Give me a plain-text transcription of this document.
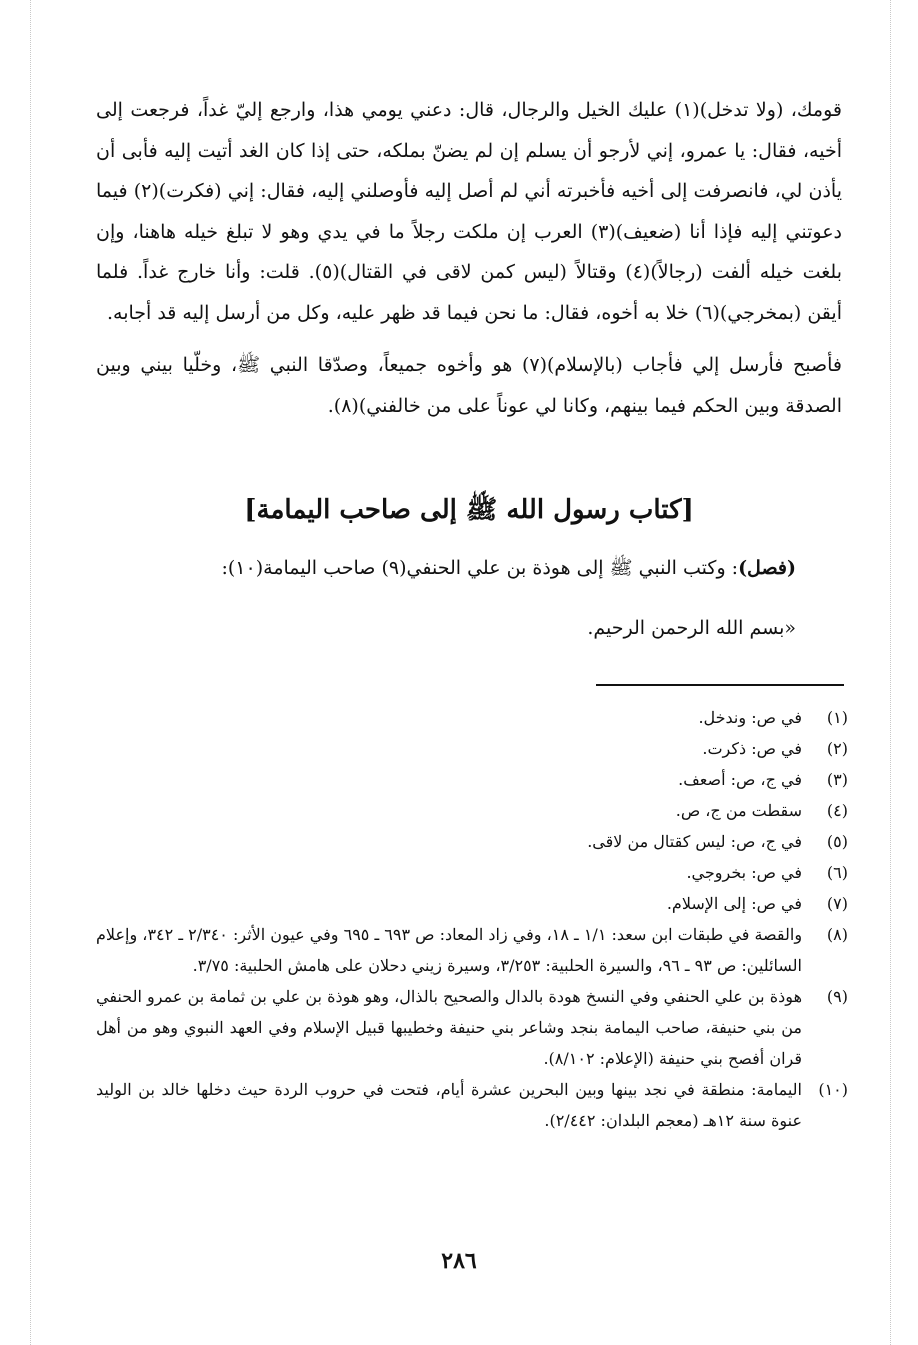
قومك، (ولا تدخل)(١) عليك الخيل والرجال، قال: دعني يومي هذا، وارجع إليّ غداً، فرجعت إلى أخيه، فقال: يا عمرو، إني لأرجو أن يسلم إن لم يضنّ بملكه، حتى إذا كان الغد أتيت إليه فأبى أن يأذن لي، فانصرفت إلى أخيه فأخبرته أني لم أصل إليه فأوصلني إليه، فقال: إني (فكرت)(٢) فيما دعوتني إليه فإذا أنا (ضعيف)(٣) العرب إن ملكت رجلاً ما في يدي وهو لا تبلغ خيله هاهنا، وإن بلغت خيله ألفت (رجالاً)(٤) وقتالاً (ليس كمن لاقى في القتال)(٥). قلت: وأنا خارج غداً. فلما أيقن (بمخرجي)(٦) خلا به أخوه، فقال: ما نحن فيما قد ظهر عليه، وكل من أرسل إليه قد أجابه.

فأصبح فأرسل إلي فأجاب (بالإسلام)(٧) هو وأخوه جميعاً، وصدّقا النبي ﷺ، وخلّيا بيني وبين الصدقة وبين الحكم فيما بينهم، وكانا لي عوناً على من خالفني)(٨).

[كتاب رسول الله ﷺ إلى صاحب اليمامة]
(فصل): وكتب النبي ﷺ إلى هوذة بن علي الحنفي(٩) صاحب اليمامة(١٠):
«بسم الله الرحمن الرحيم.
(١)
في ص: وندخل.
(٢)
في ص: ذكرت.
(٣)
في ج، ص: أصعف.
(٤)
سقطت من ج، ص.
(٥)
في ج، ص: ليس كقتال من لاقى.
(٦)
في ص: بخروجي.
(٧)
في ص: إلى الإسلام.
(٨)
والقصة في طبقات ابن سعد: ١/١ ـ ١٨، وفي زاد المعاد: ص ٦٩٣ ـ ٦٩٥ وفي عيون الأثر: ٢/٣٤٠ ـ ٣٤٢، وإعلام السائلين: ص ٩٣ ـ ٩٦، والسيرة الحلبية: ٣/٢٥٣، وسيرة زيني دحلان على هامش الحلبية: ٣/٧٥.
(٩)
هوذة بن علي الحنفي وفي النسخ هودة بالدال والصحيح بالذال، وهو هوذة بن علي بن ثمامة بن عمرو الحنفي من بني حنيفة، صاحب اليمامة بنجد وشاعر بني حنيفة وخطيبها قبيل الإسلام وفي العهد النبوي وهو من أهل قران أفصح بني حنيفة (الإعلام: ٨/١٠٢).
(١٠)
اليمامة: منطقة في نجد بينها وبين البحرين عشرة أيام، فتحت في حروب الردة حيث دخلها خالد بن الوليد عنوة سنة ١٢هـ (معجم البلدان: ٢/٤٤٢).
٢٨٦
